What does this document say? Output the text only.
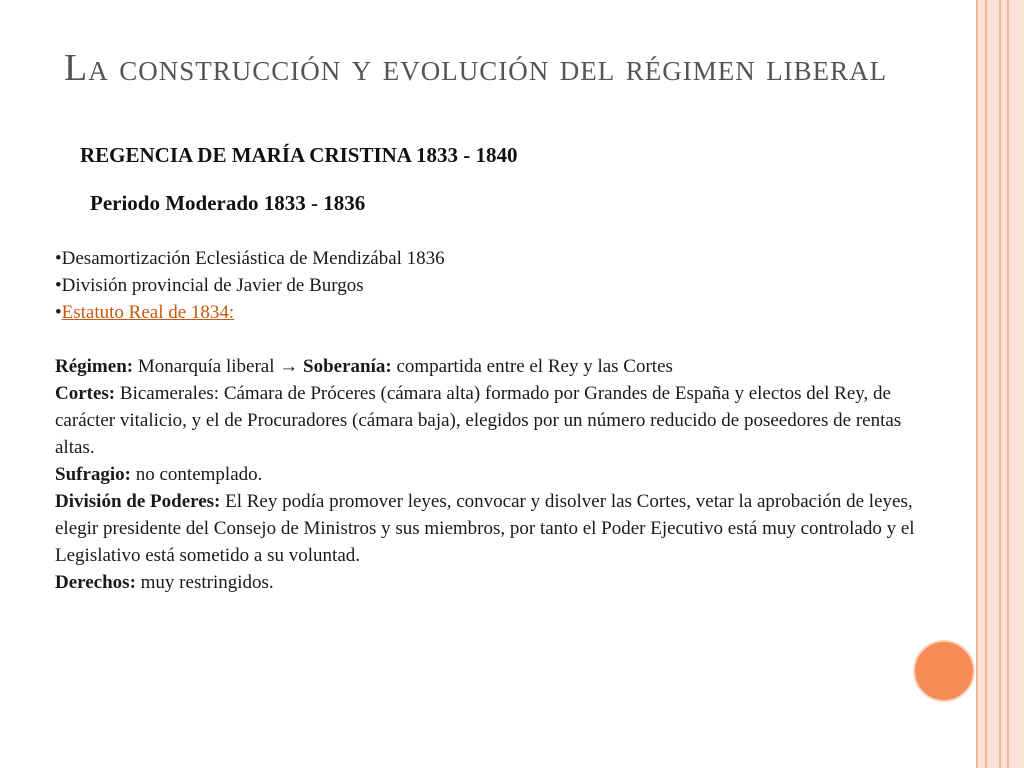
La construcción y evolución del régimen liberal
REGENCIA DE MARÍA CRISTINA 1833 - 1840
Periodo Moderado 1833 - 1836

•Desamortización Eclesiástica de Mendizábal 1836

•División provincial de Javier de Burgos

•Estatuto Real de 1834:

Régimen: Monarquía liberal → Soberanía: compartida entre el Rey y las Cortes

Cortes: Bicamerales: Cámara de Próceres (cámara alta) formado por Grandes de España y electos del Rey, de carácter vitalicio, y el de Procuradores (cámara baja), elegidos por un número reducido de poseedores de rentas altas.

Sufragio: no contemplado.

División de Poderes: El Rey podía promover leyes, convocar y disolver las Cortes, vetar la aprobación de leyes, elegir presidente del Consejo de Ministros y sus miembros, por tanto el Poder Ejecutivo está muy controlado y el Legislativo está sometido a su voluntad.

Derechos: muy restringidos.
